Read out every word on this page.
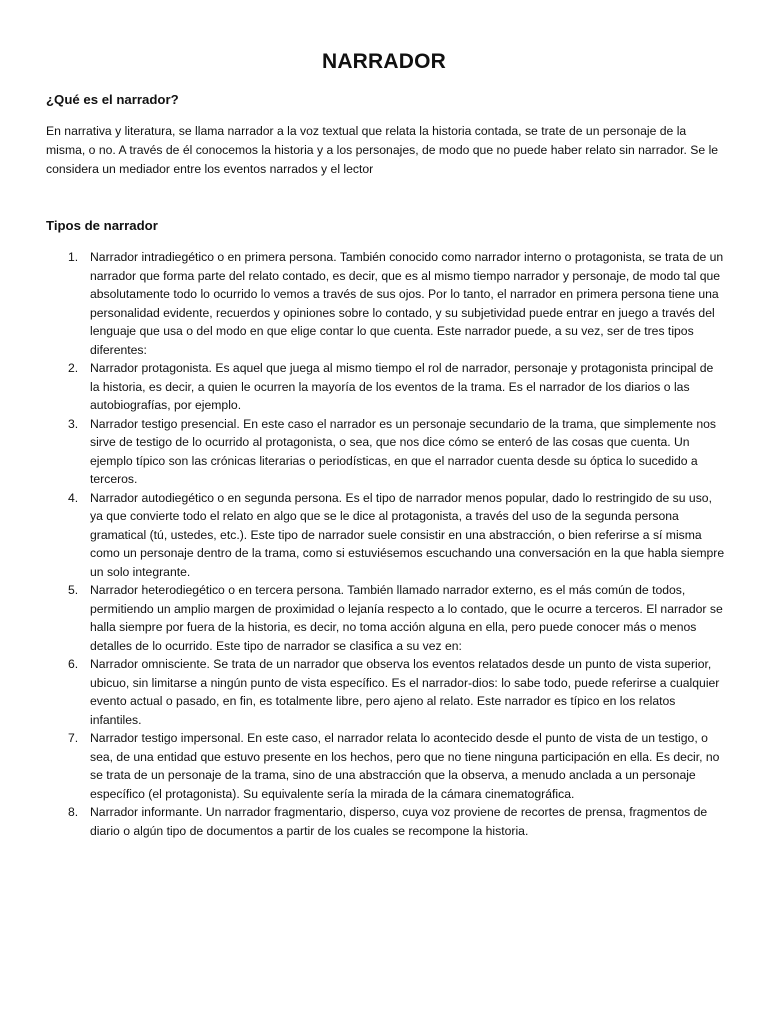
NARRADOR
¿Qué es el narrador?

En narrativa y literatura, se llama narrador a la voz textual que relata la historia contada, se trate de un personaje de la misma, o no. A través de él conocemos la historia y a los personajes, de modo que no puede haber relato sin narrador. Se le considera un mediador entre los eventos narrados y el lector

Tipos de narrador
1. Narrador intradiegético o en primera persona. También conocido como narrador interno o protagonista, se trata de un narrador que forma parte del relato contado, es decir, que es al mismo tiempo narrador y personaje, de modo tal que absolutamente todo lo ocurrido lo vemos a través de sus ojos. Por lo tanto, el narrador en primera persona tiene una personalidad evidente, recuerdos y opiniones sobre lo contado, y su subjetividad puede entrar en juego a través del lenguaje que usa o del modo en que elige contar lo que cuenta. Este narrador puede, a su vez, ser de tres tipos diferentes:
2. Narrador protagonista. Es aquel que juega al mismo tiempo el rol de narrador, personaje y protagonista principal de la historia, es decir, a quien le ocurren la mayoría de los eventos de la trama. Es el narrador de los diarios o las autobiografías, por ejemplo.
3. Narrador testigo presencial. En este caso el narrador es un personaje secundario de la trama, que simplemente nos sirve de testigo de lo ocurrido al protagonista, o sea, que nos dice cómo se enteró de las cosas que cuenta. Un ejemplo típico son las crónicas literarias o periodísticas, en que el narrador cuenta desde su óptica lo sucedido a terceros.
4. Narrador autodiegético o en segunda persona. Es el tipo de narrador menos popular, dado lo restringido de su uso, ya que convierte todo el relato en algo que se le dice al protagonista, a través del uso de la segunda persona gramatical (tú, ustedes, etc.). Este tipo de narrador suele consistir en una abstracción, o bien referirse a sí misma como un personaje dentro de la trama, como si estuviésemos escuchando una conversación en la que habla siempre un solo integrante.
5. Narrador heterodiegético o en tercera persona. También llamado narrador externo, es el más común de todos, permitiendo un amplio margen de proximidad o lejanía respecto a lo contado, que le ocurre a terceros. El narrador se halla siempre por fuera de la historia, es decir, no toma acción alguna en ella, pero puede conocer más o menos detalles de lo ocurrido. Este tipo de narrador se clasifica a su vez en:
6. Narrador omnisciente. Se trata de un narrador que observa los eventos relatados desde un punto de vista superior, ubicuo, sin limitarse a ningún punto de vista específico. Es el narrador-dios: lo sabe todo, puede referirse a cualquier evento actual o pasado, en fin, es totalmente libre, pero ajeno al relato. Este narrador es típico en los relatos infantiles.
7. Narrador testigo impersonal. En este caso, el narrador relata lo acontecido desde el punto de vista de un testigo, o sea, de una entidad que estuvo presente en los hechos, pero que no tiene ninguna participación en ella. Es decir, no se trata de un personaje de la trama, sino de una abstracción que la observa, a menudo anclada a un personaje específico (el protagonista). Su equivalente sería la mirada de la cámara cinematográfica.
8. Narrador informante. Un narrador fragmentario, disperso, cuya voz proviene de recortes de prensa, fragmentos de diario o algún tipo de documentos a partir de los cuales se recompone la historia.
